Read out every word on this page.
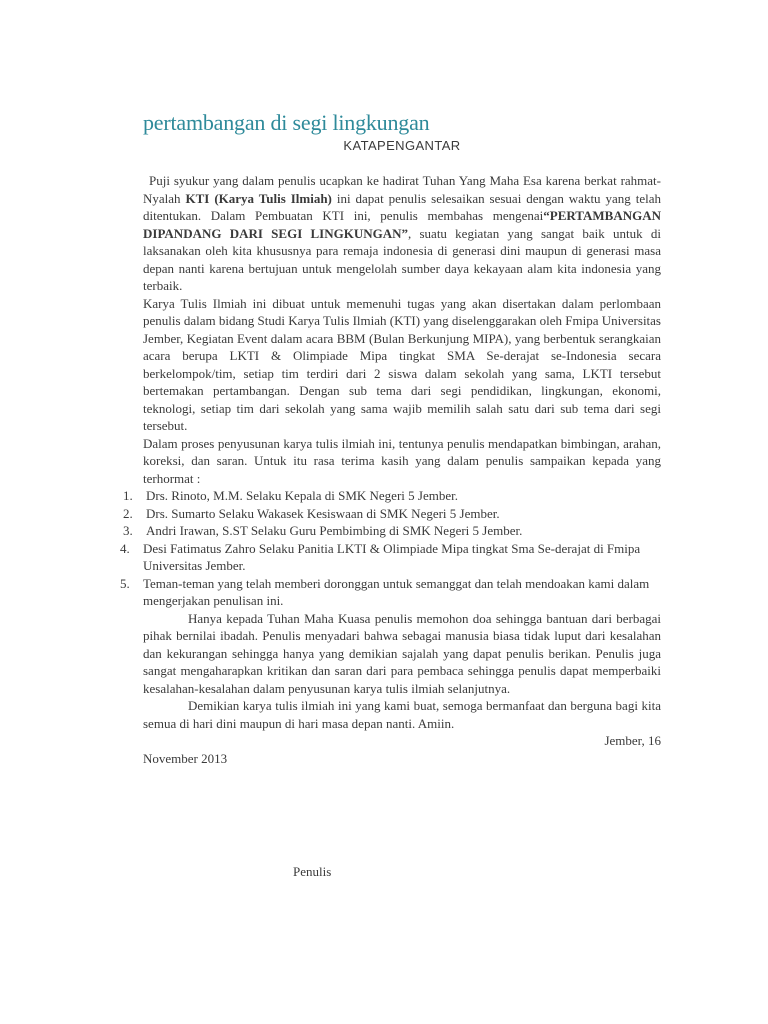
pertambangan di segi lingkungan
KATAPENGANTAR

Puji syukur yang dalam penulis ucapkan ke hadirat Tuhan Yang Maha Esa karena berkat rahmat-Nyalah KTI (Karya Tulis Ilmiah) ini dapat penulis selesaikan sesuai dengan waktu yang telah ditentukan. Dalam Pembuatan KTI ini, penulis membahas mengenai“PERTAMBANGAN DIPANDANG DARI SEGI LINGKUNGAN”, suatu kegiatan yang sangat baik untuk di laksanakan oleh kita khususnya para remaja indonesia di generasi dini maupun di generasi masa depan nanti karena bertujuan untuk mengelolah sumber daya kekayaan alam kita indonesia yang terbaik.

Karya Tulis Ilmiah ini dibuat untuk memenuhi tugas yang akan disertakan dalam perlombaan penulis dalam bidang Studi Karya Tulis Ilmiah (KTI) yang diselenggarakan oleh Fmipa Universitas Jember, Kegiatan Event dalam acara BBM (Bulan Berkunjung MIPA), yang berbentuk serangkaian acara berupa LKTI & Olimpiade Mipa tingkat SMA Se-derajat se-Indonesia secara berkelompok/tim, setiap tim terdiri dari 2 siswa dalam sekolah yang sama, LKTI tersebut bertemakan pertambangan. Dengan sub tema dari segi pendidikan, lingkungan, ekonomi, teknologi, setiap tim dari sekolah yang sama wajib memilih salah satu dari sub tema dari segi tersebut.

Dalam proses penyusunan karya tulis ilmiah ini, tentunya penulis mendapatkan bimbingan, arahan, koreksi, dan saran. Untuk itu rasa terima kasih yang dalam penulis sampaikan kepada yang terhormat :

1. Drs. Rinoto, M.M. Selaku Kepala di SMK Negeri 5 Jember.
2. Drs. Sumarto Selaku Wakasek Kesiswaan di SMK Negeri 5 Jember.
3. Andri Irawan, S.ST Selaku Guru Pembimbing di SMK Negeri 5 Jember.
4. Desi Fatimatus Zahro Selaku Panitia LKTI & Olimpiade Mipa tingkat Sma Se-derajat di Fmipa Universitas Jember.
5. Teman-teman yang telah memberi doronggan untuk semanggat dan telah mendoakan kami dalam mengerjakan penulisan ini.

Hanya kepada Tuhan Maha Kuasa penulis memohon doa sehingga bantuan dari berbagai pihak bernilai ibadah. Penulis menyadari bahwa sebagai manusia biasa tidak luput dari kesalahan dan kekurangan sehingga hanya yang demikian sajalah yang dapat penulis berikan. Penulis juga sangat mengaharapkan kritikan dan saran dari para pembaca sehingga penulis dapat memperbaiki kesalahan-kesalahan dalam penyusunan karya tulis ilmiah selanjutnya.

Demikian karya tulis ilmiah ini yang kami buat, semoga bermanfaat dan berguna bagi kita semua di hari dini maupun di hari masa depan nanti. Amiin.

Jember, 16

November 2013

Penulis
